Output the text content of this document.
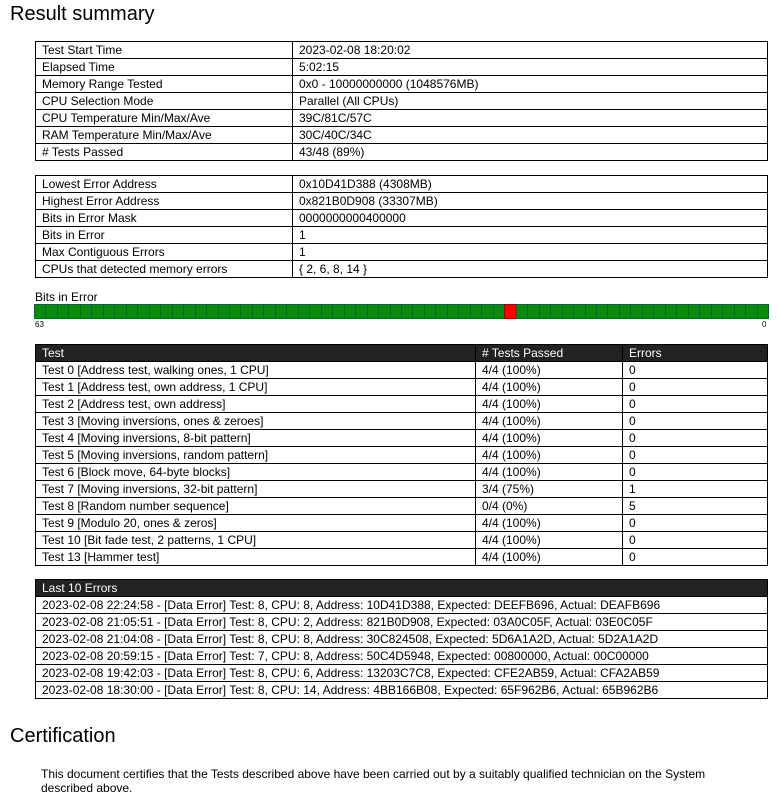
Result summary
Test Start Time	2023-02-08 18:20:02
Elapsed Time	5:02:15
Memory Range Tested	0x0 - 10000000000 (1048576MB)
CPU Selection Mode	Parallel (All CPUs)
CPU Temperature Min/Max/Ave	39C/81C/57C
RAM Temperature Min/Max/Ave	30C/40C/34C
# Tests Passed	43/48 (89%)
Lowest Error Address	0x10D41D388 (4308MB)
Highest Error Address	0x821B0D908 (33307MB)
Bits in Error Mask	0000000000400000
Bits in Error	1
Max Contiguous Errors	1
CPUs that detected memory errors	{ 2, 6, 8, 14 }
Bits in Error
63	0
Test	# Tests Passed	Errors
Test 0 [Address test, walking ones, 1 CPU]	4/4 (100%)	0
Test 1 [Address test, own address, 1 CPU]	4/4 (100%)	0
Test 2 [Address test, own address]	4/4 (100%)	0
Test 3 [Moving inversions, ones & zeroes]	4/4 (100%)	0
Test 4 [Moving inversions, 8-bit pattern]	4/4 (100%)	0
Test 5 [Moving inversions, random pattern]	4/4 (100%)	0
Test 6 [Block move, 64-byte blocks]	4/4 (100%)	0
Test 7 [Moving inversions, 32-bit pattern]	3/4 (75%)	1
Test 8 [Random number sequence]	0/4 (0%)	5
Test 9 [Modulo 20, ones & zeros]	4/4 (100%)	0
Test 10 [Bit fade test, 2 patterns, 1 CPU]	4/4 (100%)	0
Test 13 [Hammer test]	4/4 (100%)	0
Last 10 Errors
2023-02-08 22:24:58 - [Data Error] Test: 8, CPU: 8, Address: 10D41D388, Expected: DEEFB696, Actual: DEAFB696
2023-02-08 21:05:51 - [Data Error] Test: 8, CPU: 2, Address: 821B0D908, Expected: 03A0C05F, Actual: 03E0C05F
2023-02-08 21:04:08 - [Data Error] Test: 8, CPU: 8, Address: 30C824508, Expected: 5D6A1A2D, Actual: 5D2A1A2D
2023-02-08 20:59:15 - [Data Error] Test: 7, CPU: 8, Address: 50C4D5948, Expected: 00800000, Actual: 00C00000
2023-02-08 19:42:03 - [Data Error] Test: 8, CPU: 6, Address: 13203C7C8, Expected: CFE2AB59, Actual: CFA2AB59
2023-02-08 18:30:00 - [Data Error] Test: 8, CPU: 14, Address: 4BB166B08, Expected: 65F962B6, Actual: 65B962B6
Certification

This document certifies that the Tests described above have been carried out by a suitably qualified technician on the System described above.
